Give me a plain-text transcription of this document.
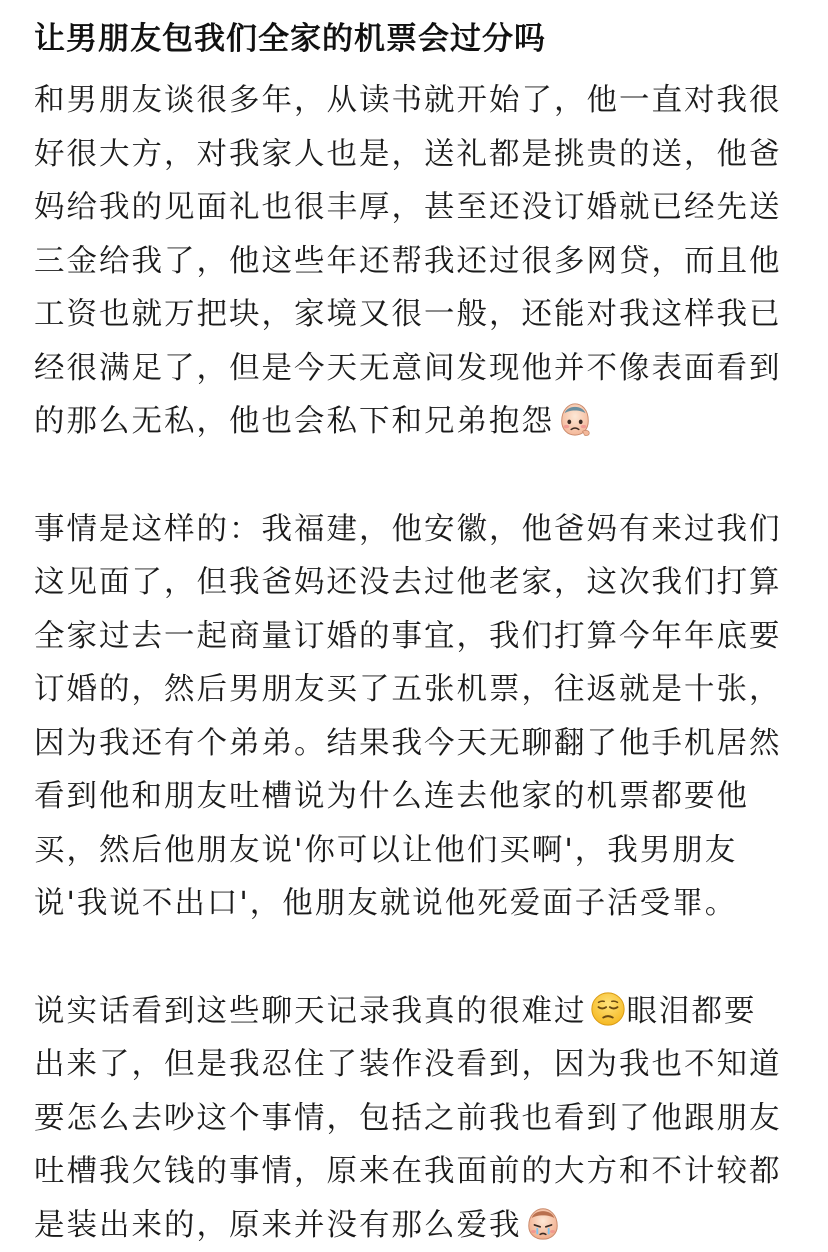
让男朋友包我们全家的机票会过分吗

和男朋友谈很多年，从读书就开始了，他一直对我很
好很大方，对我家人也是，送礼都是挑贵的送，他爸
妈给我的见面礼也很丰厚，甚至还没订婚就已经先送
三金给我了，他这些年还帮我还过很多网贷，而且他
工资也就万把块，家境又很一般，还能对我这样我已
经很满足了，但是今天无意间发现他并不像表面看到
的那么无私，他也会私下和兄弟抱怨

事情是这样的：我福建，他安徽，他爸妈有来过我们
这见面了，但我爸妈还没去过他老家，这次我们打算
全家过去一起商量订婚的事宜，我们打算今年年底要
订婚的，然后男朋友买了五张机票，往返就是十张，
因为我还有个弟弟。结果我今天无聊翻了他手机居然
看到他和朋友吐槽说为什么连去他家的机票都要他
买，然后他朋友说'你可以让他们买啊'，我男朋友
说'我说不出口'，他朋友就说他死爱面子活受罪。

说实话看到这些聊天记录我真的很难过 眼泪都要
出来了，但是我忍住了装作没看到，因为我也不知道
要怎么去吵这个事情，包括之前我也看到了他跟朋友
吐槽我欠钱的事情，原来在我面前的大方和不计较都
是装出来的，原来并没有那么爱我
